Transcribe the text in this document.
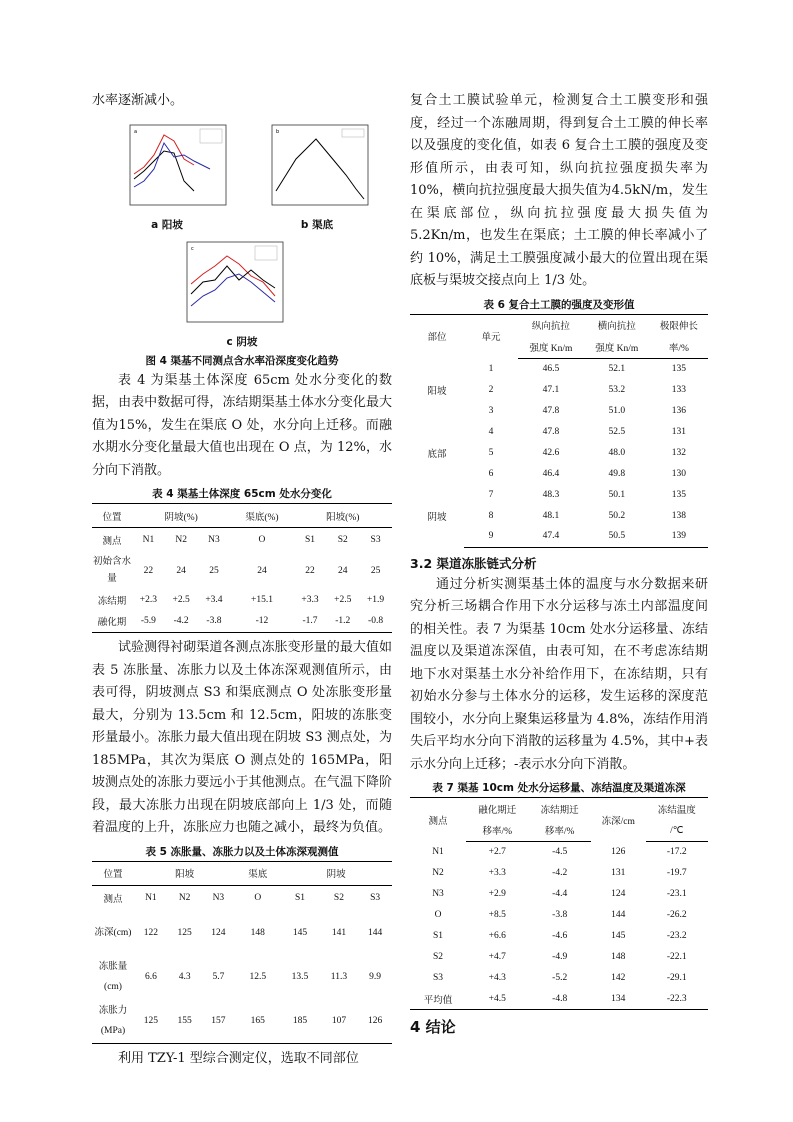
水率逐渐减小。

a

a 阳坡

b

b 渠底

c

c 阴坡

图 4 渠基不同测点含水率沿深度变化趋势

表 4 为渠基土体深度 65cm 处水分变化的数据，由表中数据可得，冻结期渠基土体水分变化最大值为15%，发生在渠底 O 处，水分向上迁移。而融水期水分变化量最大值也出现在 O 点，为 12%，水分向下消散。

表 4 渠基土体深度 65cm 处水分变化

位置	阴坡(%)			渠底(%)	阳坡(%)		
测点	N1	N2	N3	O	S1	S2	S3
初始含水量	22	24	25	24	22	24	25
冻结期	+2.3	+2.5	+3.4	+15.1	+3.3	+2.5	+1.9
融化期	-5.9	-4.2	-3.8	-12	-1.7	-1.2	-0.8

试验测得衬砌渠道各测点冻胀变形量的最大值如表 5 冻胀量、冻胀力以及土体冻深观测值所示，由表可得，阴坡测点 S3 和渠底测点 O 处冻胀变形量最大，分别为 13.5cm 和 12.5cm，阳坡的冻胀变形量最小。冻胀力最大值出现在阴坡 S3 测点处，为 185MPa，其次为渠底 O 测点处的 165MPa，阳坡测点处的冻胀力要远小于其他测点。在气温下降阶段，最大冻胀力出现在阴坡底部向上 1/3 处，而随着温度的上升，冻胀应力也随之减小，最终为负值。

表 5 冻胀量、冻胀力以及土体冻深观测值

位置	阳坡			渠底	阴坡		
测点	N1	N2	N3	O	S1	S2	S3
冻深(cm)	122	125	124	148	145	141	144
冻胀量(cm)	6.6	4.3	5.7	12.5	13.5	11.3	9.9
冻胀力(MPa)	125	155	157	165	185	107	126

利用 TZY-1 型综合测定仪，选取不同部位

复合土工膜试验单元，检测复合土工膜变形和强度，经过一个冻融周期，得到复合土工膜的伸长率以及强度的变化值，如表 6 复合土工膜的强度及变形值所示，由表可知，纵向抗拉强度损失率为 10%，横向抗拉强度最大损失值为4.5kN/m，发生在渠底部位，纵向抗拉强度最大损失值为 5.2Kn/m，也发生在渠底；土工膜的伸长率减小了约 10%，满足土工膜强度减小最大的位置出现在渠底板与渠坡交接点向上 1/3 处。

表 6 复合土工膜的强度及变形值

部位	单元	纵向抗拉	横向抗拉	极限伸长
		强度 Kn/m	强度 Kn/m	率/%
阳坡	1	46.5	52.1	135
	2	47.1	53.2	133
	3	47.8	51.0	136
底部	4	47.8	52.5	131
	5	42.6	48.0	132
	6	46.4	49.8	130
阴坡	7	48.3	50.1	135
	8	48.1	50.2	138
	9	47.4	50.5	139

3.2 渠道冻胀链式分析

通过分析实测渠基土体的温度与水分数据来研究分析三场耦合作用下水分运移与冻土内部温度间的相关性。表 7 为渠基 10cm 处水分运移量、冻结温度以及渠道冻深值，由表可知，在不考虑冻结期地下水对渠基土水分补给作用下，在冻结期，只有初始水分参与土体水分的运移，发生运移的深度范围较小，水分向上聚集运移量为 4.8%，冻结作用消失后平均水分向下消散的运移量为 4.5%，其中+表示水分向上迁移；-表示水分向下消散。

表 7 渠基 10cm 处水分运移量、冻结温度及渠道冻深

测点	融化期迁	冻结期迁	冻深/cm	冻结温度
	移率/%	移率/%		/℃
N1	+2.7	-4.5	126	-17.2
N2	+3.3	-4.2	131	-19.7
N3	+2.9	-4.4	124	-23.1
O	+8.5	-3.8	144	-26.2
S1	+6.6	-4.6	145	-23.2
S2	+4.7	-4.9	148	-22.1
S3	+4.3	-5.2	142	-29.1
平均值	+4.5	-4.8	134	-22.3

4 结论
